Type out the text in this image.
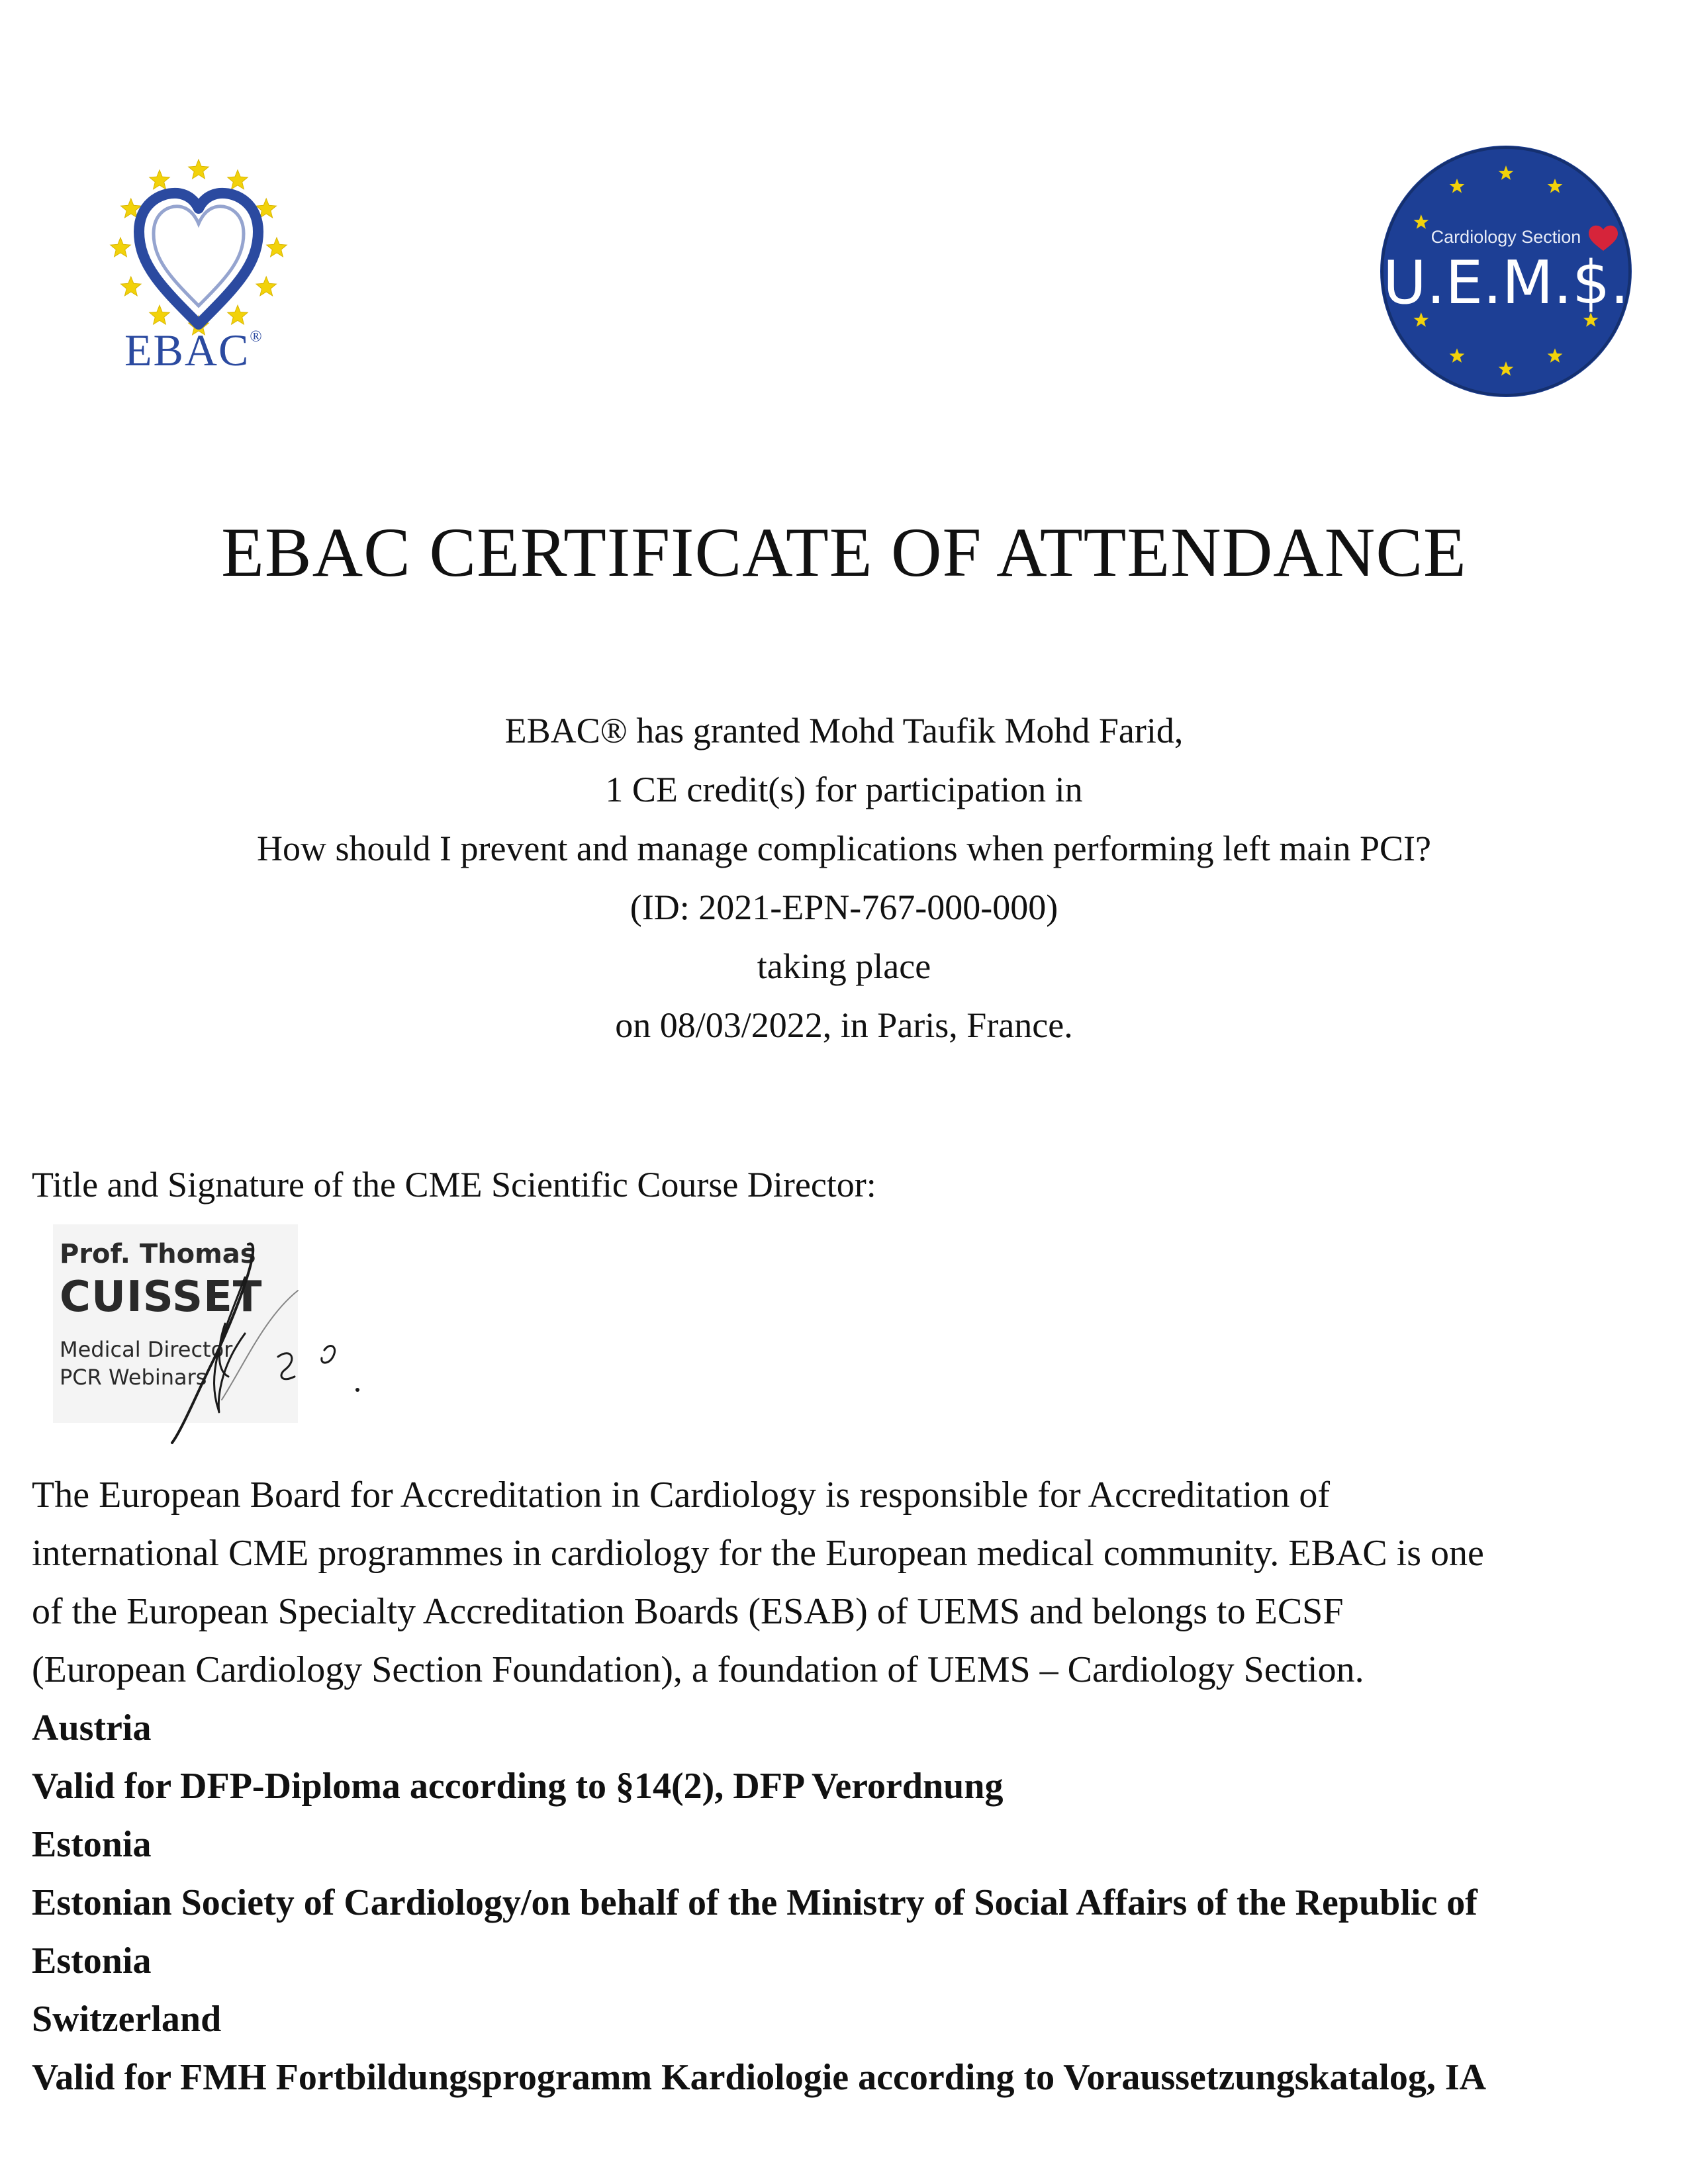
EBAC®
Cardiology Section
U.E.M.$.
EBAC CERTIFICATE OF ATTENDANCE
EBAC® has granted Mohd Taufik Mohd Farid,
1 CE credit(s) for participation in
How should I prevent and manage complications when performing left main PCI?
(ID: 2021-EPN-767-000-000)
taking place
on 08/03/2022, in Paris, France.
Title and Signature of the CME Scientific Course Director:
Prof. Thomas
CUISSET
Medical Director
PCR Webinars
The European Board for Accreditation in Cardiology is responsible for Accreditation of
international CME programmes in cardiology for the European medical community. EBAC is one
of the European Specialty Accreditation Boards (ESAB) of UEMS and belongs to ECSF
(European Cardiology Section Foundation), a foundation of UEMS – Cardiology Section.
Austria
Valid for DFP-Diploma according to §14(2), DFP Verordnung
Estonia
Estonian Society of Cardiology/on behalf of the Ministry of Social Affairs of the Republic of
Estonia
Switzerland
Valid for FMH Fortbildungsprogramm Kardiologie according to Voraussetzungskatalog, IA
